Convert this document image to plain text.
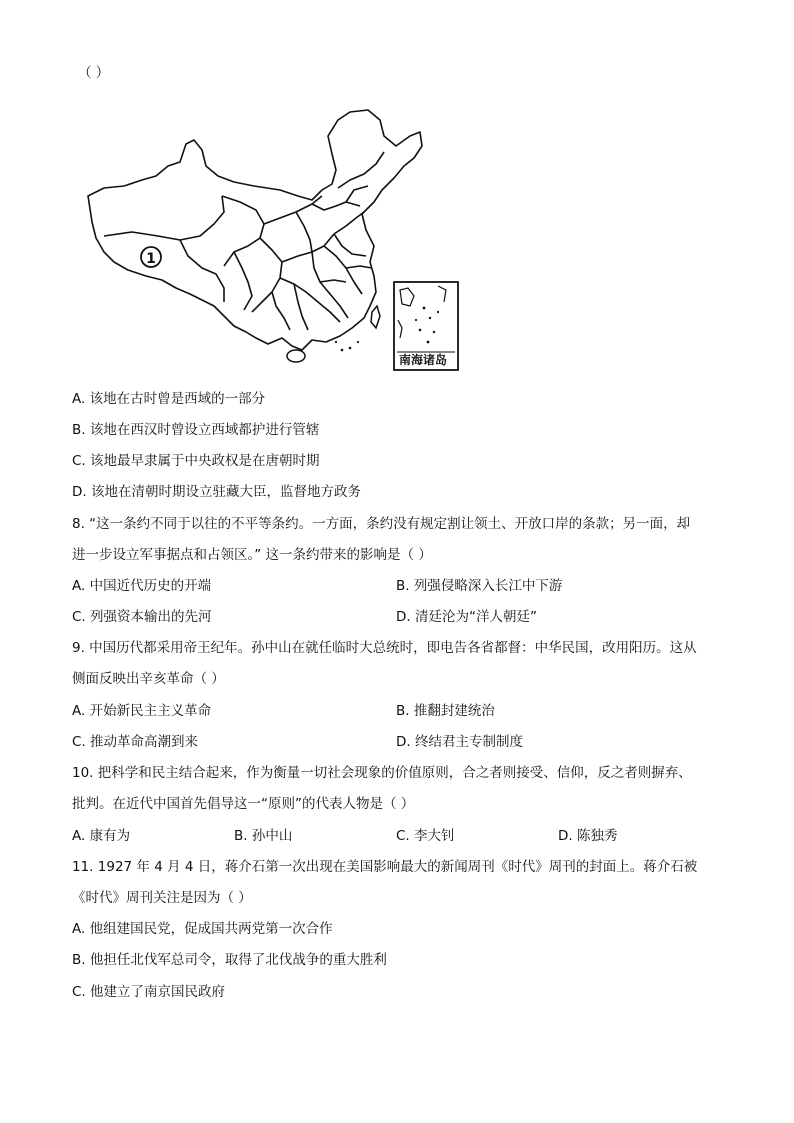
（ ）
1
南海诸岛
A. 该地在古时曾是西域的一部分
B. 该地在西汉时曾设立西域都护进行管辖
C. 该地最早隶属于中央政权是在唐朝时期
D. 该地在清朝时期设立驻藏大臣，监督地方政务
8. “这一条约不同于以往的不平等条约。一方面，条约没有规定割让领土、开放口岸的条款；另一面，却
进一步设立军事据点和占领区。” 这一条约带来的影响是（ ）
A. 中国近代历史的开端	B. 列强侵略深入长江中下游
C. 列强资本输出的先河	D. 清廷沦为“洋人朝廷”
9. 中国历代都采用帝王纪年。孙中山在就任临时大总统时，即电告各省都督：中华民国，改用阳历。这从
侧面反映出辛亥革命（ ）
A. 开始新民主主义革命	B. 推翻封建统治
C. 推动革命高潮到来	D. 终结君主专制制度
10. 把科学和民主结合起来，作为衡量一切社会现象的价值原则，合之者则接受、信仰，反之者则摒弃、
批判。在近代中国首先倡导这一“原则”的代表人物是（ ）
A. 康有为	B. 孙中山	C. 李大钊	D. 陈独秀
11. 1927 年 4 月 4 日，蒋介石第一次出现在美国影响最大的新闻周刊《时代》周刊的封面上。蒋介石被
《时代》周刊关注是因为（ ）
A. 他组建国民党，促成国共两党第一次合作
B. 他担任北伐军总司令，取得了北伐战争的重大胜利
C. 他建立了南京国民政府
